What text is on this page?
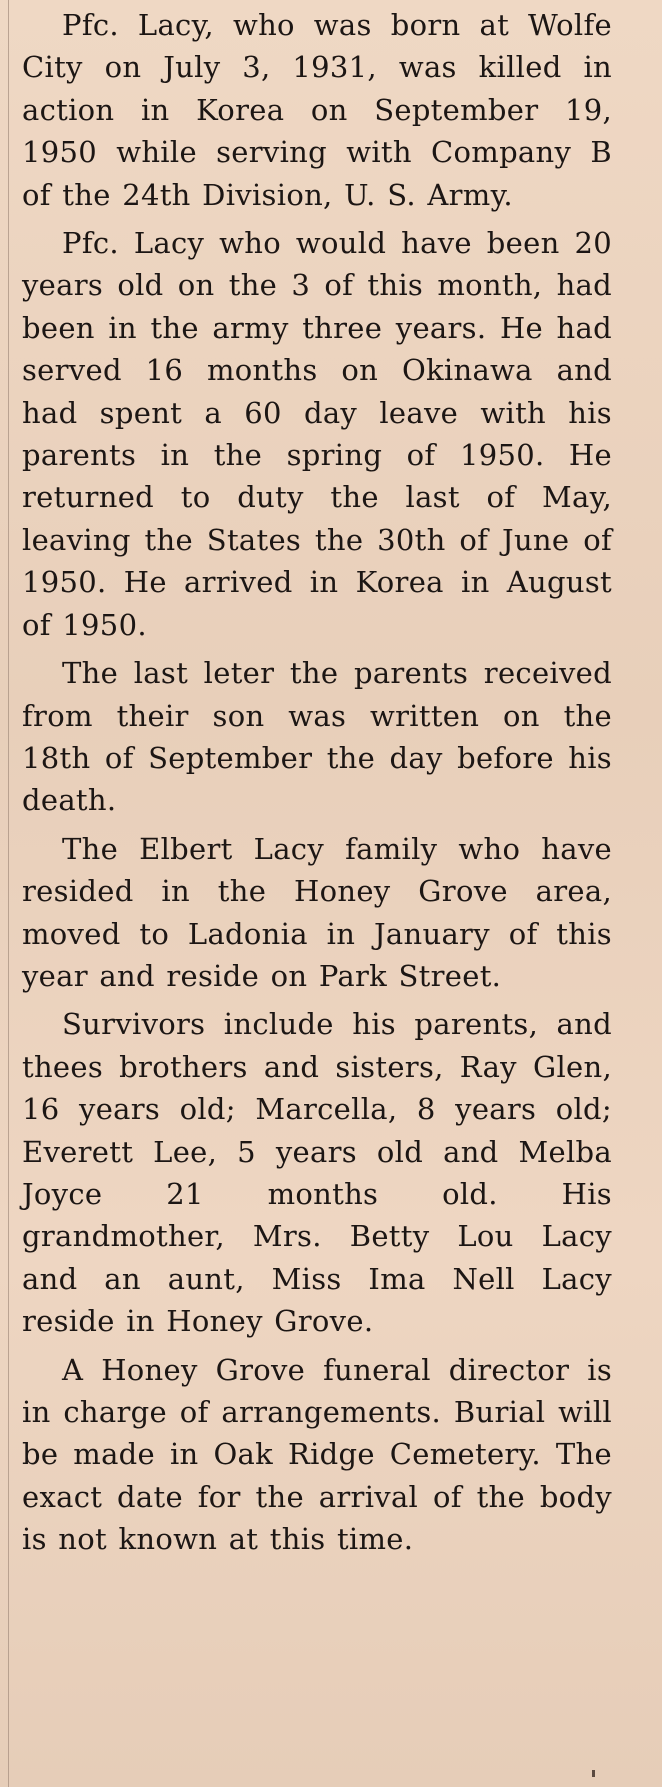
Pfc. Lacy, who was born at Wolfe City on July 3, 1931, was killed in action in Korea on September 19, 1950 while serving with Company B of the 24th Division, U. S. Army.

Pfc. Lacy who would have been 20 years old on the 3 of this month, had been in the army three years. He had served 16 months on Okinawa and had spent a 60 day leave with his parents in the spring of 1950. He returned to duty the last of May, leaving the States the 30th of June of 1950. He arrived in Korea in August of 1950.

The last leter the parents received from their son was written on the 18th of September the day before his death.

The Elbert Lacy family who have resided in the Honey Grove area, moved to Ladonia in January of this year and reside on Park Street.

Survivors include his parents, and thees brothers and sisters, Ray Glen, 16 years old; Marcella, 8 years old; Everett Lee, 5 years old and Melba Joyce 21 months old. His grandmother, Mrs. Betty Lou Lacy and an aunt, Miss Ima Nell Lacy reside in Honey Grove.

A Honey Grove funeral director is in charge of arrangements. Burial will be made in Oak Ridge Cemetery. The exact date for the arrival of the body is not known at this time.
